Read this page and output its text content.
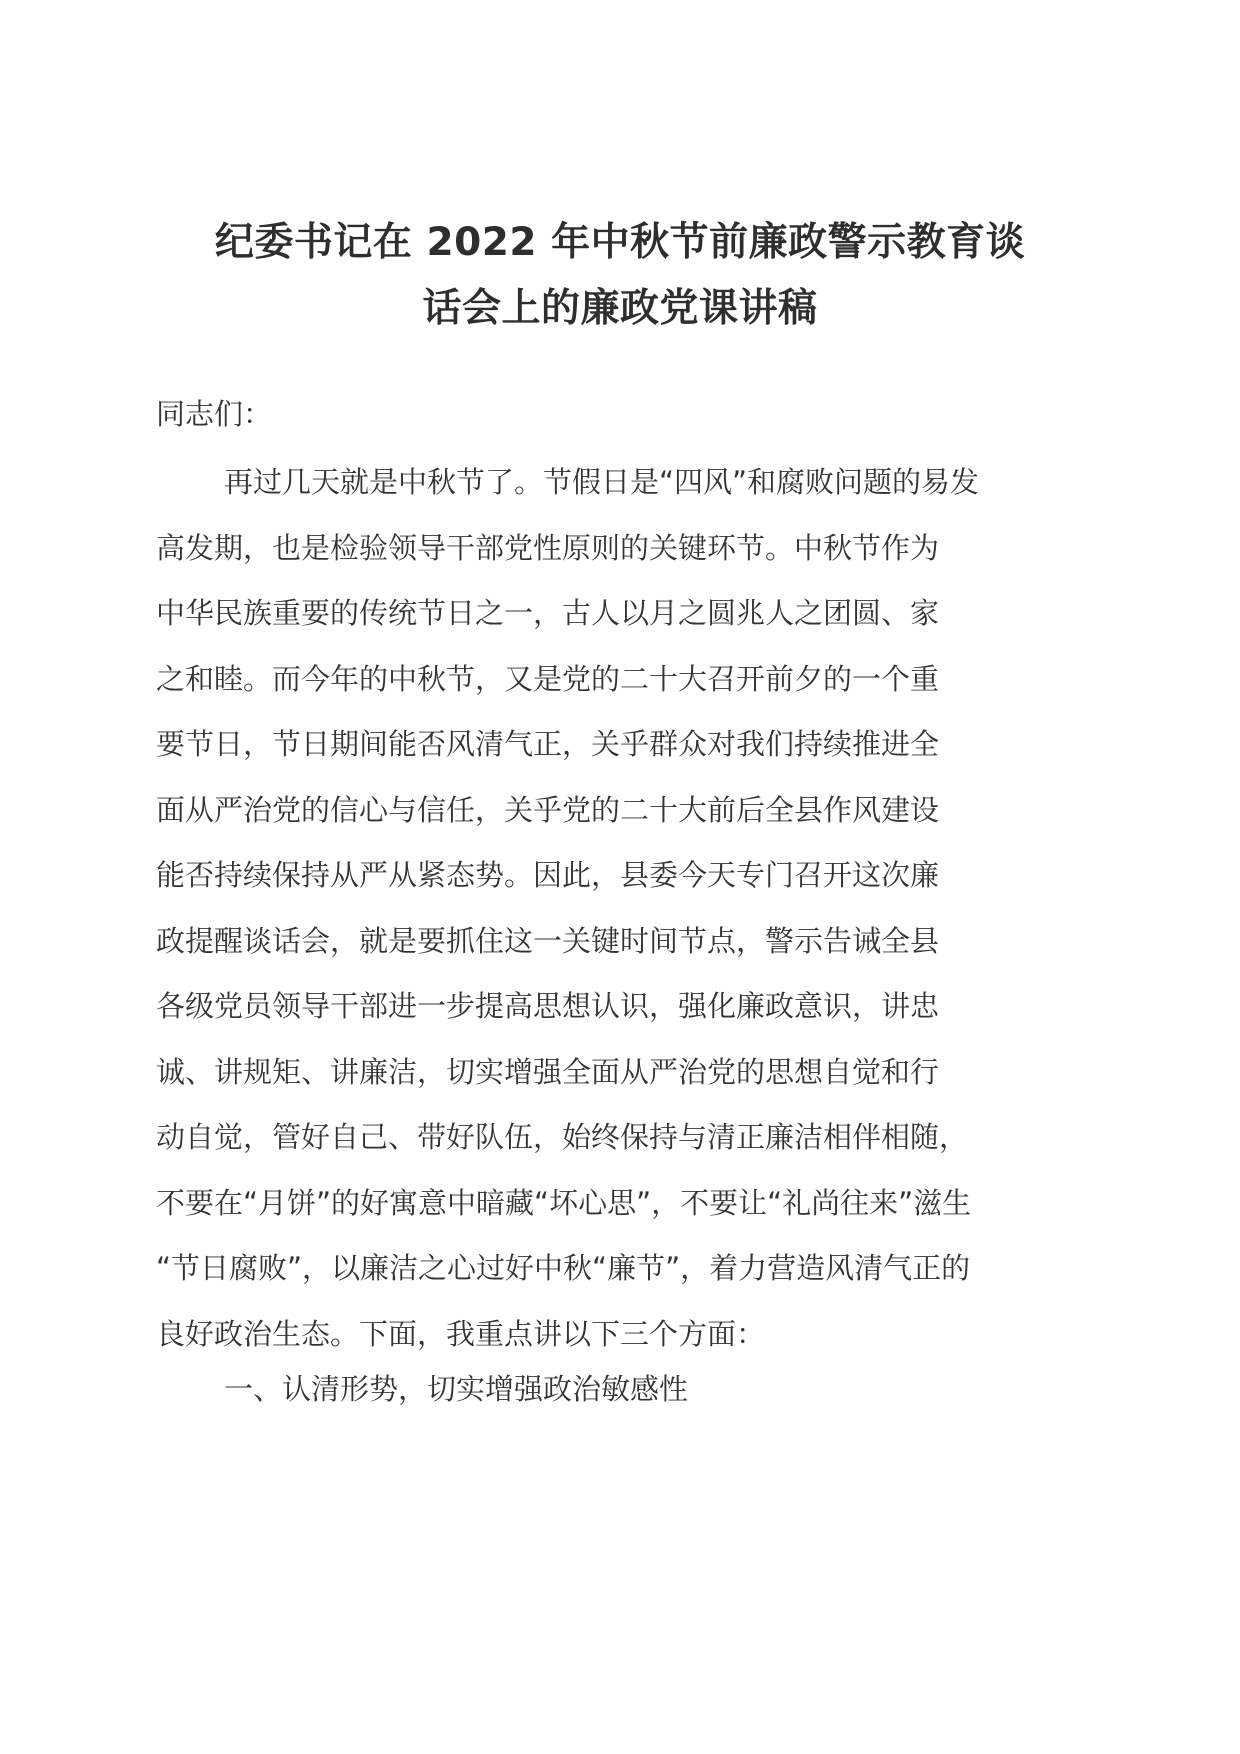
纪委书记在 2022 年中秋节前廉政警示教育谈
话会上的廉政党课讲稿
同志们：
再过几天就是中秋节了。节假日是“四风”和腐败问题的易发
高发期，也是检验领导干部党性原则的关键环节。中秋节作为
中华民族重要的传统节日之一，古人以月之圆兆人之团圆、家
之和睦。而今年的中秋节，又是党的二十大召开前夕的一个重
要节日，节日期间能否风清气正，关乎群众对我们持续推进全
面从严治党的信心与信任，关乎党的二十大前后全县作风建设
能否持续保持从严从紧态势。因此，县委今天专门召开这次廉
政提醒谈话会，就是要抓住这一关键时间节点，警示告诫全县
各级党员领导干部进一步提高思想认识，强化廉政意识，讲忠
诚、讲规矩、讲廉洁，切实增强全面从严治党的思想自觉和行
动自觉，管好自己、带好队伍，始终保持与清正廉洁相伴相随，
不要在“月饼”的好寓意中暗藏“坏心思”，不要让“礼尚往来”滋生
“节日腐败”，以廉洁之心过好中秋“廉节”，着力营造风清气正的
良好政治生态。下面，我重点讲以下三个方面：
一、认清形势，切实增强政治敏感性
